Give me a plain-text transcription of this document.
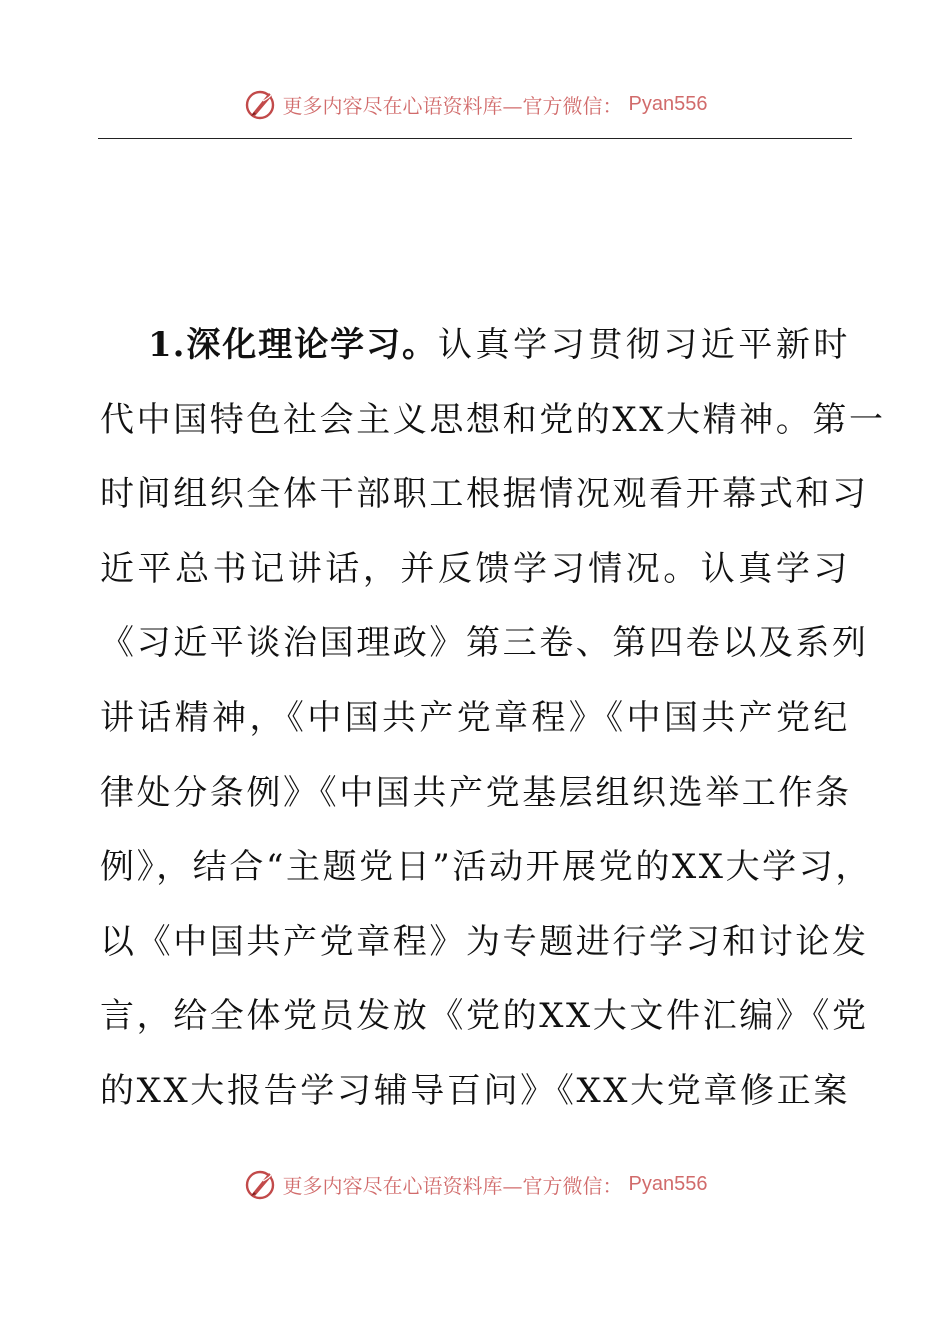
更多内容尽在心语资料库—官方微信： Pyan556
1.深化理论学习。认真学习贯彻习近平新时
代中国特色社会主义思想和党的XX大精神。第一
时间组织全体干部职工根据情况观看开幕式和习
近平总书记讲话，并反馈学习情况。认真学习
《习近平谈治国理政》第三卷、第四卷以及系列
讲话精神，《中国共产党章程》《中国共产党纪
律处分条例》《中国共产党基层组织选举工作条
例》，结合“主题党日”活动开展党的XX大学习，
以《中国共产党章程》为专题进行学习和讨论发
言，给全体党员发放《党的XX大文件汇编》《党
的XX大报告学习辅导百问》《XX大党章修正案
更多内容尽在心语资料库—官方微信： Pyan556
